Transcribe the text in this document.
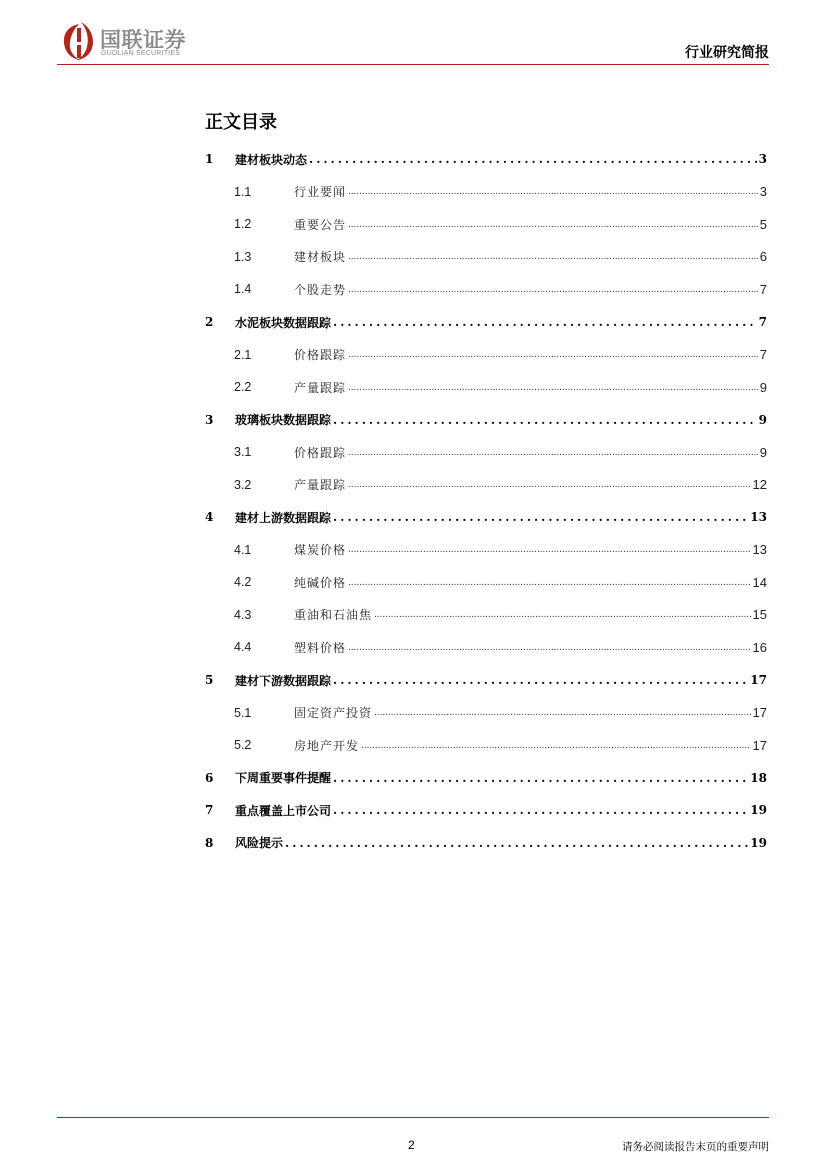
国联证券
GUOLIAN SECURITIES	行业研究简报
正文目录
1	建材板块动态 .....	3
1.1	行业要闻 .....	3
1.2	重要公告 .....	5
1.3	建材板块 .....	6
1.4	个股走势 .....	7
2	水泥板块数据跟踪 .....	7
2.1	价格跟踪 .....	7
2.2	产量跟踪 .....	9
3	玻璃板块数据跟踪 .....	9
3.1	价格跟踪 .....	9
3.2	产量跟踪 .....	12
4	建材上游数据跟踪 .....	13
4.1	煤炭价格 .....	13
4.2	纯碱价格 .....	14
4.3	重油和石油焦 .....	15
4.4	塑料价格 .....	16
5	建材下游数据跟踪 .....	17
5.1	固定资产投资 .....	17
5.2	房地产开发 .....	17
6	下周重要事件提醒 .....	18
7	重点覆盖上市公司 .....	19
8	风险提示 .....	19
2	请务必阅读报告末页的重要声明
